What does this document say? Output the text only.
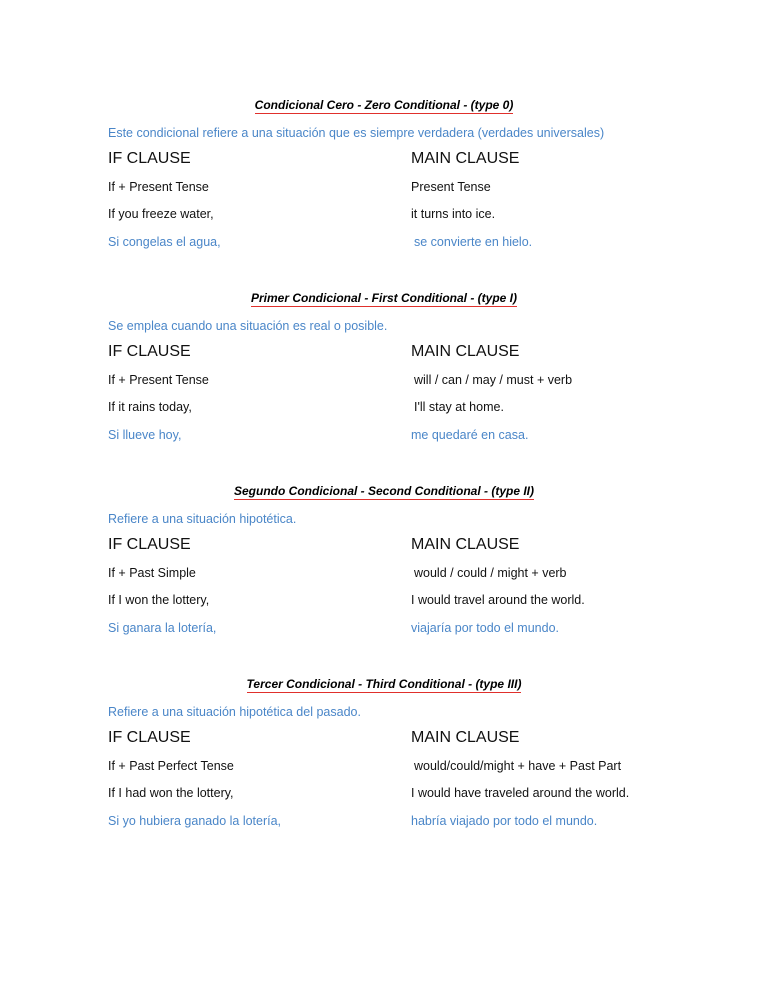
Condicional Cero - Zero Conditional - (type 0)
Este condicional refiere a una situación que es siempre verdadera (verdades universales)
IF CLAUSE	MAIN CLAUSE
If + Present Tense	Present Tense
If you freeze water,	it turns into ice.
Si congelas el agua,	se convierte en hielo.
Primer Condicional - First Conditional - (type I)
Se emplea cuando una situación es real o posible.
IF CLAUSE	MAIN CLAUSE
If + Present Tense	will / can / may / must + verb
If it rains today,	I'll stay at home.
Si llueve hoy,	me quedaré en casa.
Segundo Condicional - Second Conditional - (type II)
Refiere a una situación hipotética.
IF CLAUSE	MAIN CLAUSE
If + Past Simple	would / could / might + verb
If I won the lottery,	I would travel around the world.
Si ganara la lotería,	viajaría por todo el mundo.
Tercer Condicional - Third Conditional - (type III)
Refiere a una situación hipotética del pasado.
IF CLAUSE	MAIN CLAUSE
If + Past Perfect Tense	would/could/might + have + Past Part
If I had won the lottery,	I would have traveled around the world.
Si yo hubiera ganado la lotería,	habría viajado por todo el mundo.
